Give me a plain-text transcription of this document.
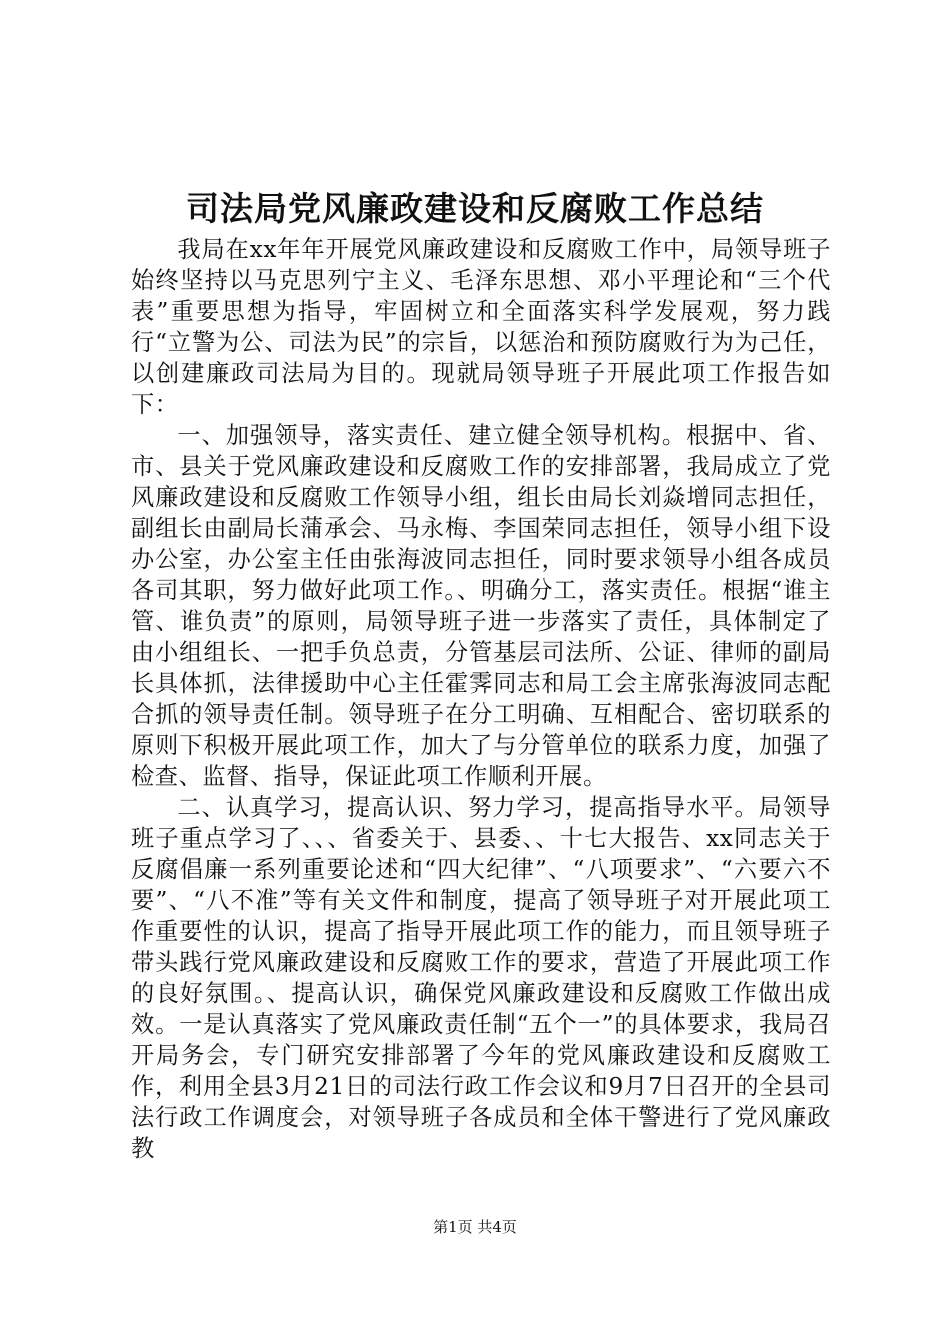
司法局党风廉政建设和反腐败工作总结

我局在xx年年开展党风廉政建设和反腐败工作中，局领导班子始终坚持以马克思列宁主义、毛泽东思想、邓小平理论和“三个代表”重要思想为指导，牢固树立和全面落实科学发展观，努力践行“立警为公、司法为民”的宗旨，以惩治和预防腐败行为为己任，以创建廉政司法局为目的。现就局领导班子开展此项工作报告如下：

一、加强领导，落实责任、建立健全领导机构。根据中、省、市、县关于党风廉政建设和反腐败工作的安排部署，我局成立了党风廉政建设和反腐败工作领导小组，组长由局长刘焱增同志担任，副组长由副局长蒲承会、马永梅、李国荣同志担任，领导小组下设办公室，办公室主任由张海波同志担任，同时要求领导小组各成员各司其职，努力做好此项工作。、明确分工，落实责任。根据“谁主管、谁负责”的原则，局领导班子进一步落实了责任，具体制定了由小组组长、一把手负总责，分管基层司法所、公证、律师的副局长具体抓，法律援助中心主任霍霁同志和局工会主席张海波同志配合抓的领导责任制。领导班子在分工明确、互相配合、密切联系的原则下积极开展此项工作，加大了与分管单位的联系力度，加强了检查、监督、指导，保证此项工作顺利开展。

二、认真学习，提高认识、努力学习，提高指导水平。局领导班子重点学习了、、、省委关于、县委、、十七大报告、xx同志关于反腐倡廉一系列重要论述和“四大纪律”、“八项要求”、“六要六不要”、“八不准”等有关文件和制度，提高了领导班子对开展此项工作重要性的认识，提高了指导开展此项工作的能力，而且领导班子带头践行党风廉政建设和反腐败工作的要求，营造了开展此项工作的良好氛围。、提高认识，确保党风廉政建设和反腐败工作做出成效。一是认真落实了党风廉政责任制“五个一”的具体要求，我局召开局务会，专门研究安排部署了今年的党风廉政建设和反腐败工作，利用全县3月21日的司法行政工作会议和9月7日召开的全县司法行政工作调度会，对领导班子各成员和全体干警进行了党风廉政教

第1页 共4页
